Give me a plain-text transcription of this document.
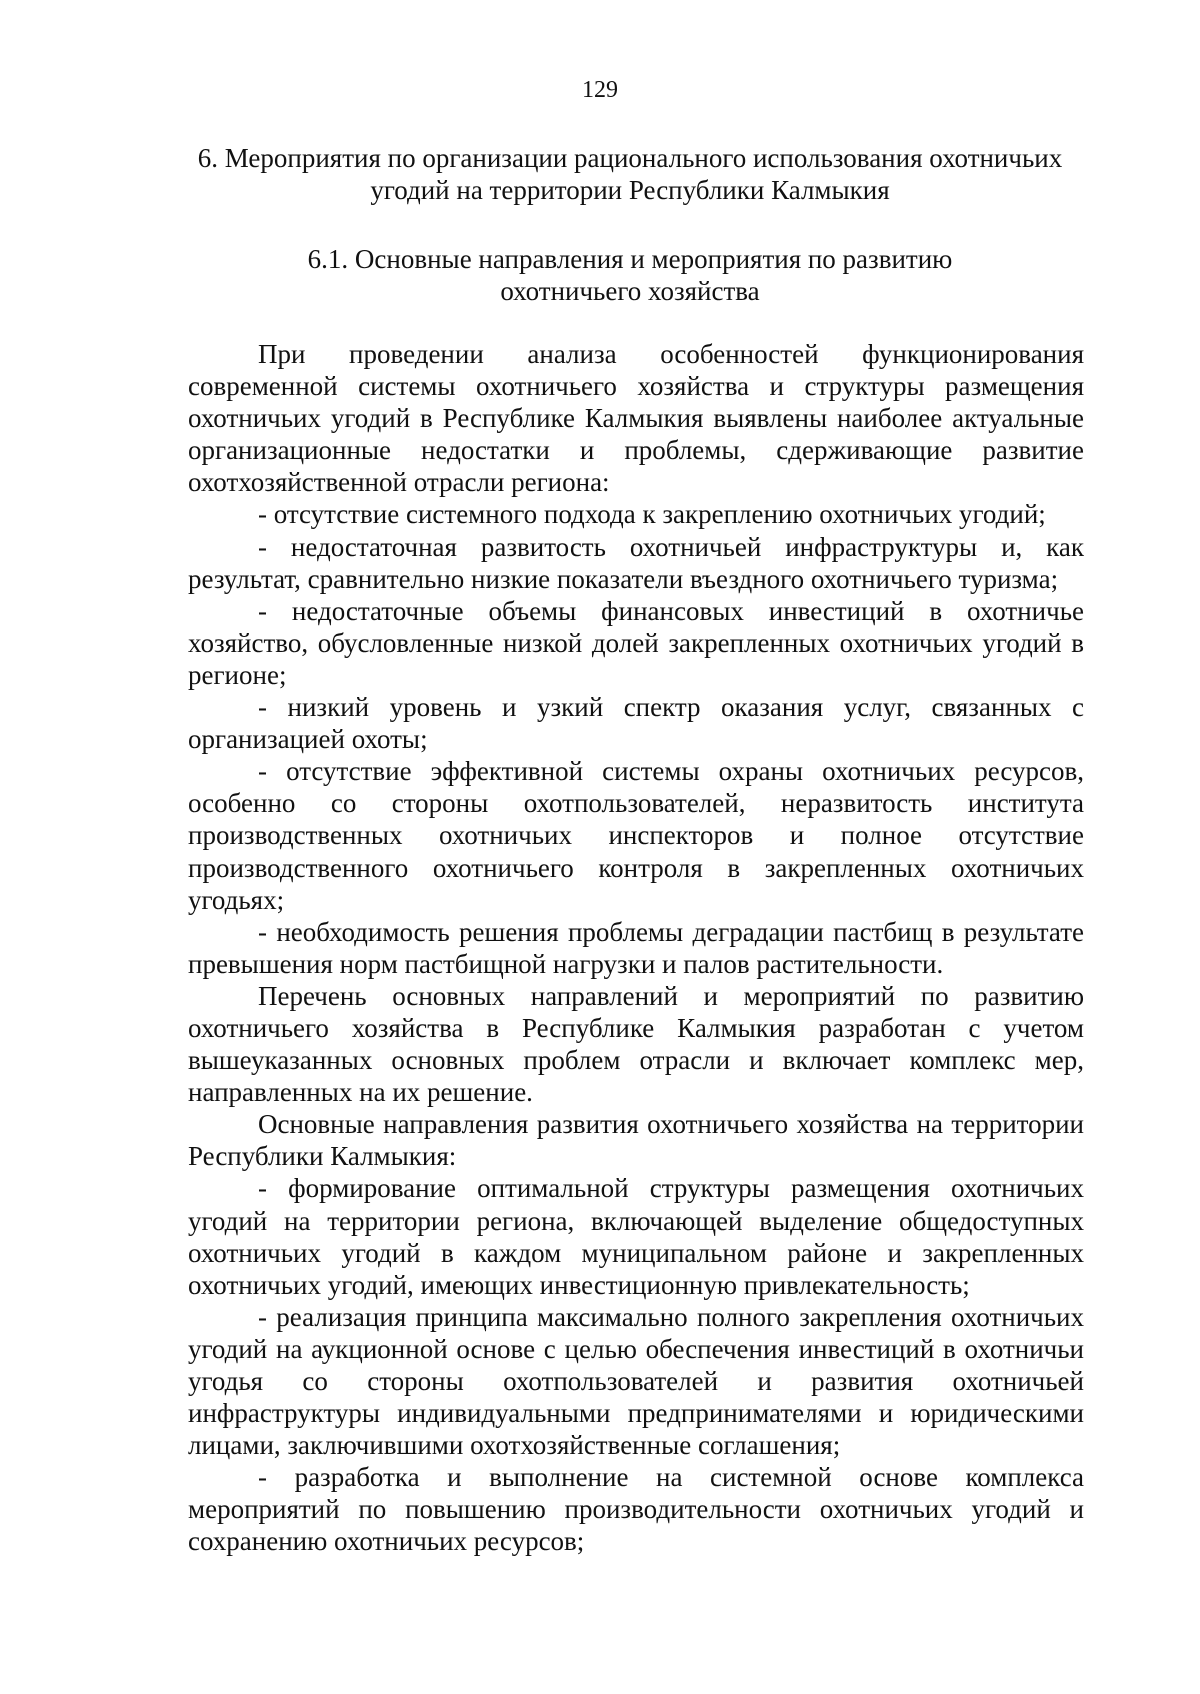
129
6. Мероприятия по организации рационального использования охотничьих
угодий на территории Республики Калмыкия
6.1. Основные направления и мероприятия по развитию
охотничьего хозяйства

При проведении анализа особенностей функционирования современной системы охотничьего хозяйства и структуры размещения охотничьих угодий в Республике Калмыкия выявлены наиболее актуальные организационные недостатки и проблемы, сдерживающие развитие охотхозяйственной отрасли региона:

- отсутствие системного подхода к закреплению охотничьих угодий;

- недостаточная развитость охотничьей инфраструктуры и, как результат, сравнительно низкие показатели въездного охотничьего туризма;

- недостаточные объемы финансовых инвестиций в охотничье хозяйство, обусловленные низкой долей закрепленных охотничьих угодий в регионе;

- низкий уровень и узкий спектр оказания услуг, связанных с организацией охоты;

- отсутствие эффективной системы охраны охотничьих ресурсов, особенно со стороны охотпользователей, неразвитость института производственных охотничьих инспекторов и полное отсутствие производственного охотничьего контроля в закрепленных охотничьих угодьях;

- необходимость решения проблемы деградации пастбищ в результате превышения норм пастбищной нагрузки и палов растительности.

Перечень основных направлений и мероприятий по развитию охотничьего хозяйства в Республике Калмыкия разработан с учетом вышеуказанных основных проблем отрасли и включает комплекс мер, направленных на их решение.

Основные направления развития охотничьего хозяйства на территории Республики Калмыкия:

- формирование оптимальной структуры размещения охотничьих угодий на территории региона, включающей выделение общедоступных охотничьих угодий в каждом муниципальном районе и закрепленных охотничьих угодий, имеющих инвестиционную привлекательность;

- реализация принципа максимально полного закрепления охотничьих угодий на аукционной основе с целью обеспечения инвестиций в охотничьи угодья со стороны охотпользователей и развития охотничьей инфраструктуры индивидуальными предпринимателями и юридическими лицами, заключившими охотхозяйственные соглашения;

- разработка и выполнение на системной основе комплекса мероприятий по повышению производительности охотничьих угодий и сохранению охотничьих ресурсов;
